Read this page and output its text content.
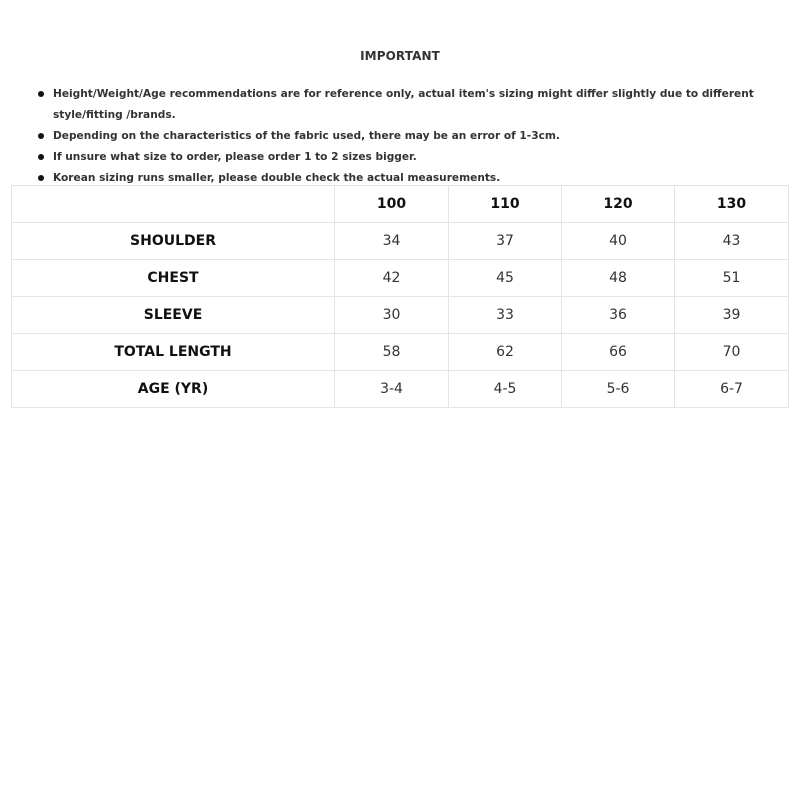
IMPORTANT
Height/Weight/Age recommendations are for reference only, actual item's sizing might differ slightly due to different style/fitting /brands.
Depending on the characteristics of the fabric used, there may be an error of 1-3cm.
If unsure what size to order, please order 1 to 2 sizes bigger.
Korean sizing runs smaller, please double check the actual measurements.
	100	110	120	130
SHOULDER	34	37	40	43
CHEST	42	45	48	51
SLEEVE	30	33	36	39
TOTAL LENGTH	58	62	66	70
AGE (YR)	3-4	4-5	5-6	6-7
